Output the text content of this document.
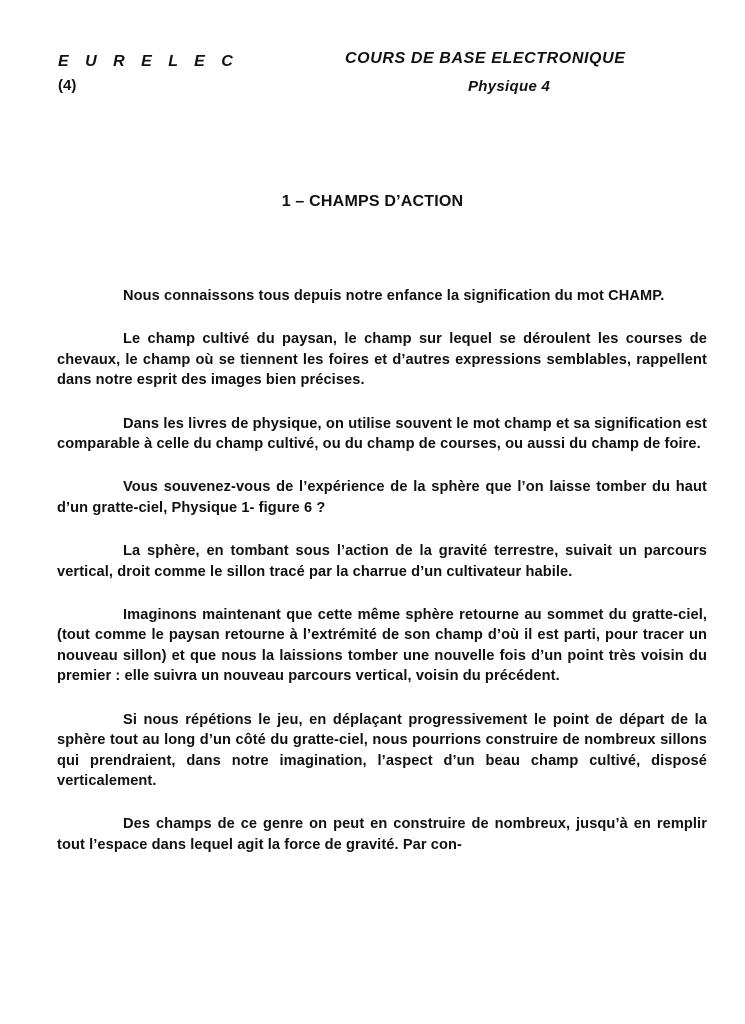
E U R E L E C
(4)
COURS DE BASE ELECTRONIQUE
Physique 4
1 – CHAMPS D’ACTION

Nous connaissons tous depuis notre enfance la signification du mot CHAMP.

Le champ cultivé du paysan, le champ sur lequel se déroulent les courses de chevaux, le champ où se tiennent les foires et d’autres expressions semblables, rappellent dans notre esprit des images bien précises.

Dans les livres de physique, on utilise souvent le mot champ et sa signification est comparable à celle du champ cultivé, ou du champ de courses, ou aussi du champ de foire.

Vous souvenez-vous de l’expérience de la sphère que l’on laisse tomber du haut d’un gratte-ciel, Physique 1- figure 6 ?

La sphère, en tombant sous l’action de la gravité terrestre, suivait un parcours vertical, droit comme le sillon tracé par la charrue d’un cultivateur habile.

Imaginons maintenant que cette même sphère retourne au sommet du gratte-ciel, (tout comme le paysan retourne à l’extrémité de son champ d’où il est parti, pour tracer un nouveau sillon) et que nous la laissions tomber une nouvelle fois d’un point très voisin du premier : elle suivra un nouveau parcours vertical, voisin du précédent.

Si nous répétions le jeu, en déplaçant progressivement le point de départ de la sphère tout au long d’un côté du gratte-ciel, nous pourrions construire de nombreux sillons qui prendraient, dans notre imagination, l’aspect d’un beau champ cultivé, disposé verticalement.

Des champs de ce genre on peut en construire de nombreux, jusqu’à en remplir tout l’espace dans lequel agit la force de gravité. Par con-
